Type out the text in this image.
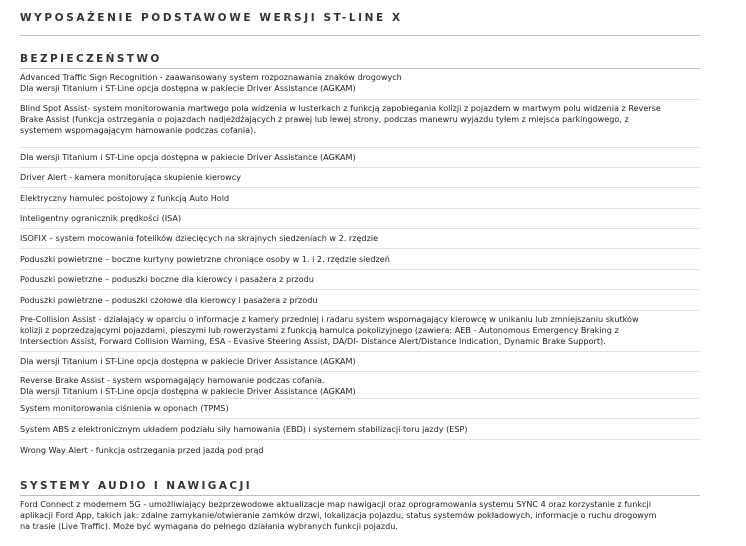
WYPOSAŻENIE PODSTAWOWE WERSJI ST-LINE X
BEZPIECZEŃSTWO
Advanced Traffic Sign Recognition - zaawansowany system rozpoznawania znaków drogowych
Dla wersji Titanium i ST-Line opcja dostępna w pakiecie Driver Assistance (AGKAM)
Blind Spot Assist- system monitorowania martwego pola widzenia w lusterkach z funkcją zapobiegania kolizji z pojazdem w martwym polu widzenia z Reverse
Brake Assist (funkcja ostrzegania o pojazdach nadjeżdżających z prawej lub lewej strony, podczas manewru wyjazdu tyłem z miejsca parkingowego, z
systemem wspomagającym hamowanie podczas cofania).
Dla wersji Titanium i ST-Line opcja dostępna w pakiecie Driver Assistance (AGKAM)
Driver Alert - kamera monitorująca skupienie kierowcy
Elektryczny hamulec postojowy z funkcją Auto Hold
Inteligentny ogranicznik prędkości (ISA)
ISOFIX – system mocowania fotelików dziecięcych na skrajnych siedzeniach w 2. rzędzie
Poduszki powietrzne – boczne kurtyny powietrzne chroniące osoby w 1. i 2. rzędzie siedzeń
Poduszki powietrzne – poduszki boczne dla kierowcy i pasażera z przodu
Poduszki powietrzne – poduszki czołowe dla kierowcy i pasażera z przodu
Pre-Collision Assist - działający w oparciu o informacje z kamery przedniej i radaru system wspomagający kierowcę w unikaniu lub zmniejszaniu skutków
kolizji z poprzedzającymi pojazdami, pieszymi lub rowerzystami z funkcją hamulca pokolizyjnego (zawiera: AEB - Autonomous Emergency Braking z
Intersection Assist, Forward Collision Warning, ESA - Evasive Steering Assist, DA/DI- Distance Alert/Distance Indication, Dynamic Brake Support).
Dla wersji Titanium i ST-Line opcja dostępna w pakiecie Driver Assistance (AGKAM)
Reverse Brake Assist - system wspomagający hamowanie podczas cofania.
Dla wersji Titanium i ST-Line opcja dostępna w pakiecie Driver Assistance (AGKAM)
System monitorowania ciśnienia w oponach (TPMS)
System ABS z elektronicznym układem podziału siły hamowania (EBD) i systemem stabilizacji toru jazdy (ESP)
Wrong Way Alert - funkcja ostrzegania przed jazdą pod prąd
SYSTEMY AUDIO I NAWIGACJI
Ford Connect z modemem 5G - umożliwiający bezprzewodowe aktualizacje map nawigacji oraz oprogramowania systemu SYNC 4 oraz korzystanie z funkcji
aplikacji Ford App, takich jak: zdalne zamykanie/otwieranie zamków drzwi, lokalizacja pojazdu, status systemów pokładowych, informacje o ruchu drogowym
na trasie (Live Traffic). Może być wymagana do pełnego działania wybranych funkcji pojazdu.
